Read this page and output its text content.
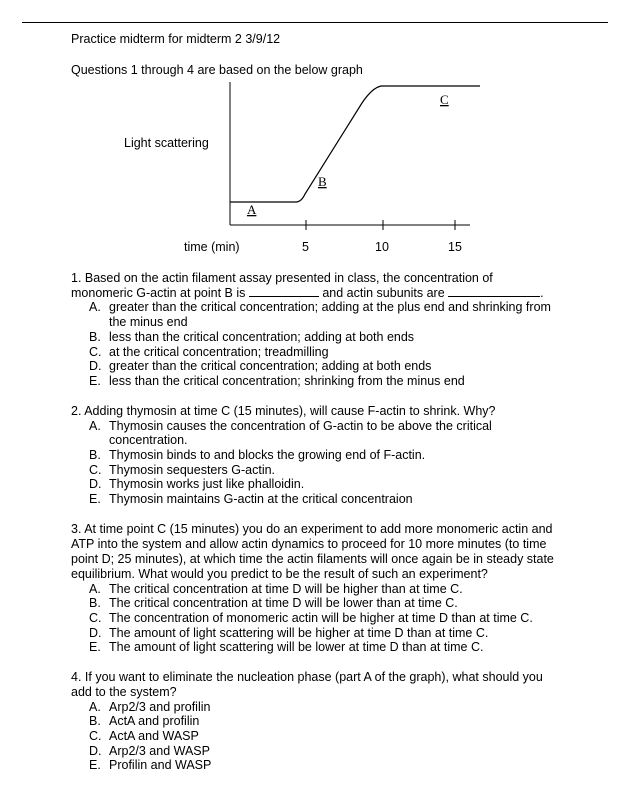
Practice midterm for midterm 2 3/9/12
Questions 1 through 4 are based on the below graph
Light scattering
time (min)	5	10	15
A
B
C
1. Based on the actin filament assay presented in class, the concentration of
monomeric G-actin at point B is	and actin subunits are	.
A. greater than the critical concentration; adding at the plus end and shrinking from
the minus end
B. less than the critical concentration; adding at both ends
C. at the critical concentration; treadmilling
D. greater than the critical concentration; adding at both ends
E. less than the critical concentration; shrinking from the minus end
2. Adding thymosin at time C (15 minutes), will cause F-actin to shrink. Why?
A. Thymosin causes the concentration of G-actin to be above the critical
concentration.
B. Thymosin binds to and blocks the growing end of F-actin.
C. Thymosin sequesters G-actin.
D. Thymosin works just like phalloidin.
E. Thymosin maintains G-actin at the critical concentraion
3. At time point C (15 minutes) you do an experiment to add more monomeric actin and
ATP into the system and allow actin dynamics to proceed for 10 more minutes (to time
point D; 25 minutes), at which time the actin filaments will once again be in steady state
equilibrium. What would you predict to be the result of such an experiment?
A. The critical concentration at time D will be higher than at time C.
B. The critical concentration at time D will be lower than at time C.
C. The concentration of monomeric actin will be higher at time D than at time C.
D. The amount of light scattering will be higher at time D than at time C.
E. The amount of light scattering will be lower at time D than at time C.
4. If you want to eliminate the nucleation phase (part A of the graph), what should you
add to the system?
A. Arp2/3 and profilin
B. ActA and profilin
C. ActA and WASP
D. Arp2/3 and WASP
E. Profilin and WASP
